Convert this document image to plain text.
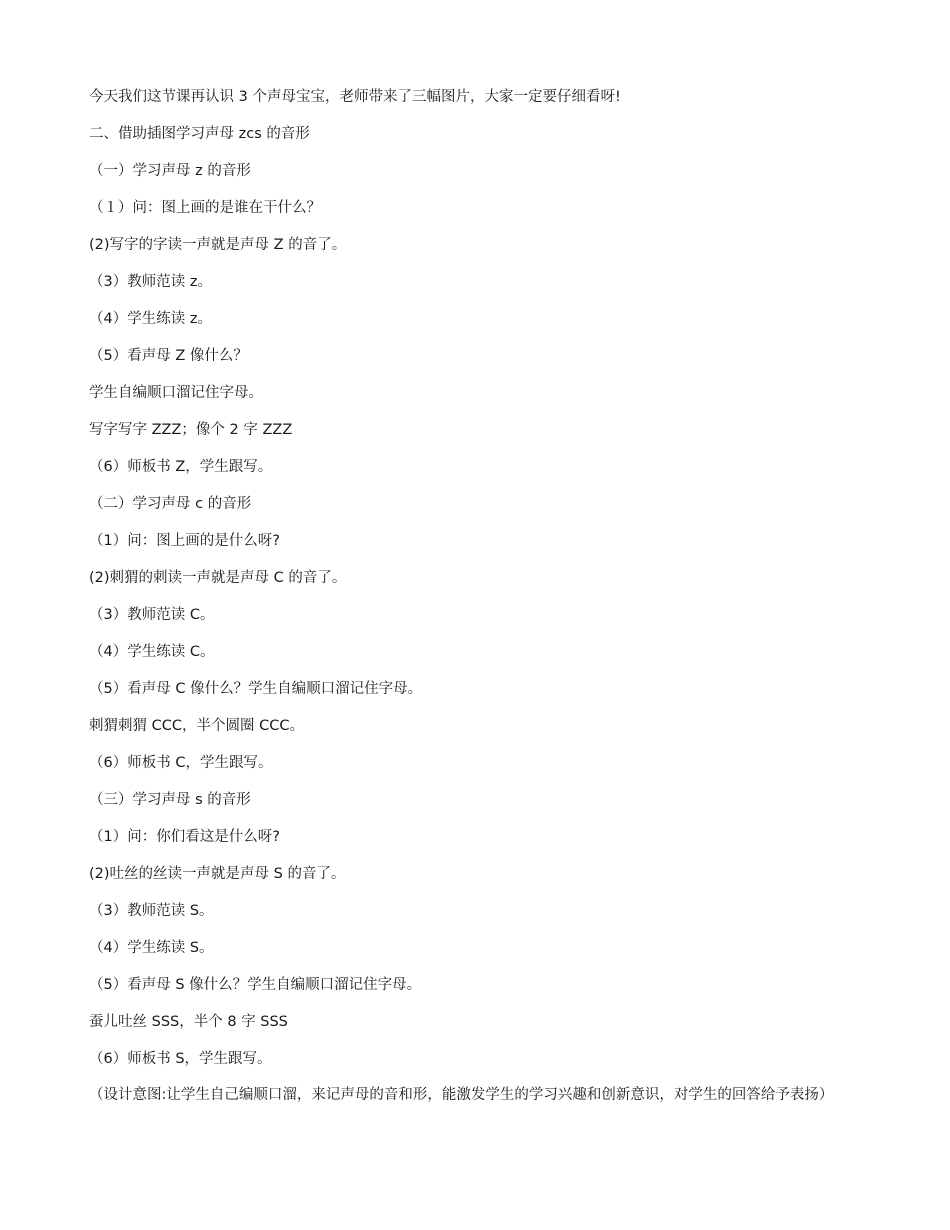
今天我们这节课再认识 3 个声母宝宝，老师带来了三幅图片，大家一定要仔细看呀!
二、借助插图学习声母 zcs 的音形
（一）学习声母 z 的音形
（１）问：图上画的是谁在干什么？
(2)写字的字读一声就是声母 Z 的音了。
（3）教师范读 z。
（4）学生练读 z。
（5）看声母 Z 像什么？
学生自编顺口溜记住字母。
写字写字 ZZZ；像个 2 字 ZZZ
（6）师板书 Z，学生跟写。
（二）学习声母 c 的音形
（1）问：图上画的是什么呀?
(2)刺猬的刺读一声就是声母 C 的音了。
（3）教师范读 C。
（4）学生练读 C。
（5）看声母 C 像什么？学生自编顺口溜记住字母。
刺猬刺猬 CCC，半个圆圈 CCC。
（6）师板书 C，学生跟写。
（三）学习声母 s 的音形
（1）问：你们看这是什么呀?
(2)吐丝的丝读一声就是声母 S 的音了。
（3）教师范读 S。
（4）学生练读 S。
（5）看声母 S 像什么？学生自编顺口溜记住字母。
蚕儿吐丝 SSS，半个 8 字 SSS
（6）师板书 S，学生跟写。

（设计意图:让学生自己编顺口溜，来记声母的音和形，能激发学生的学习兴趣和创新意识，对学生的回答给予表扬）
